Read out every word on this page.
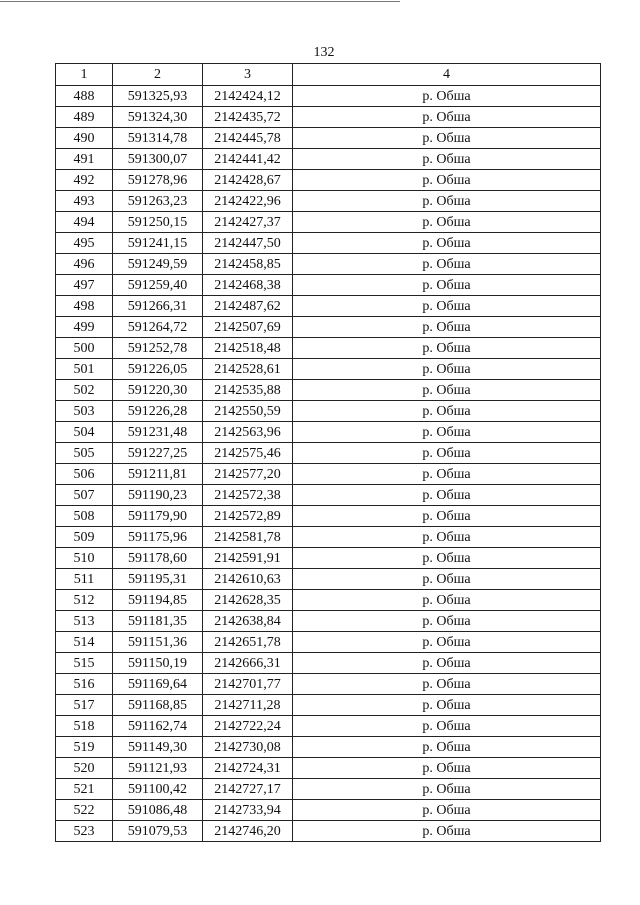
132
1	2	3	4
488	591325,93	2142424,12	р. Обша
489	591324,30	2142435,72	р. Обша
490	591314,78	2142445,78	р. Обша
491	591300,07	2142441,42	р. Обша
492	591278,96	2142428,67	р. Обша
493	591263,23	2142422,96	р. Обша
494	591250,15	2142427,37	р. Обша
495	591241,15	2142447,50	р. Обша
496	591249,59	2142458,85	р. Обша
497	591259,40	2142468,38	р. Обша
498	591266,31	2142487,62	р. Обша
499	591264,72	2142507,69	р. Обша
500	591252,78	2142518,48	р. Обша
501	591226,05	2142528,61	р. Обша
502	591220,30	2142535,88	р. Обша
503	591226,28	2142550,59	р. Обша
504	591231,48	2142563,96	р. Обша
505	591227,25	2142575,46	р. Обша
506	591211,81	2142577,20	р. Обша
507	591190,23	2142572,38	р. Обша
508	591179,90	2142572,89	р. Обша
509	591175,96	2142581,78	р. Обша
510	591178,60	2142591,91	р. Обша
511	591195,31	2142610,63	р. Обша
512	591194,85	2142628,35	р. Обша
513	591181,35	2142638,84	р. Обша
514	591151,36	2142651,78	р. Обша
515	591150,19	2142666,31	р. Обша
516	591169,64	2142701,77	р. Обша
517	591168,85	2142711,28	р. Обша
518	591162,74	2142722,24	р. Обша
519	591149,30	2142730,08	р. Обша
520	591121,93	2142724,31	р. Обша
521	591100,42	2142727,17	р. Обша
522	591086,48	2142733,94	р. Обша
523	591079,53	2142746,20	р. Обша
